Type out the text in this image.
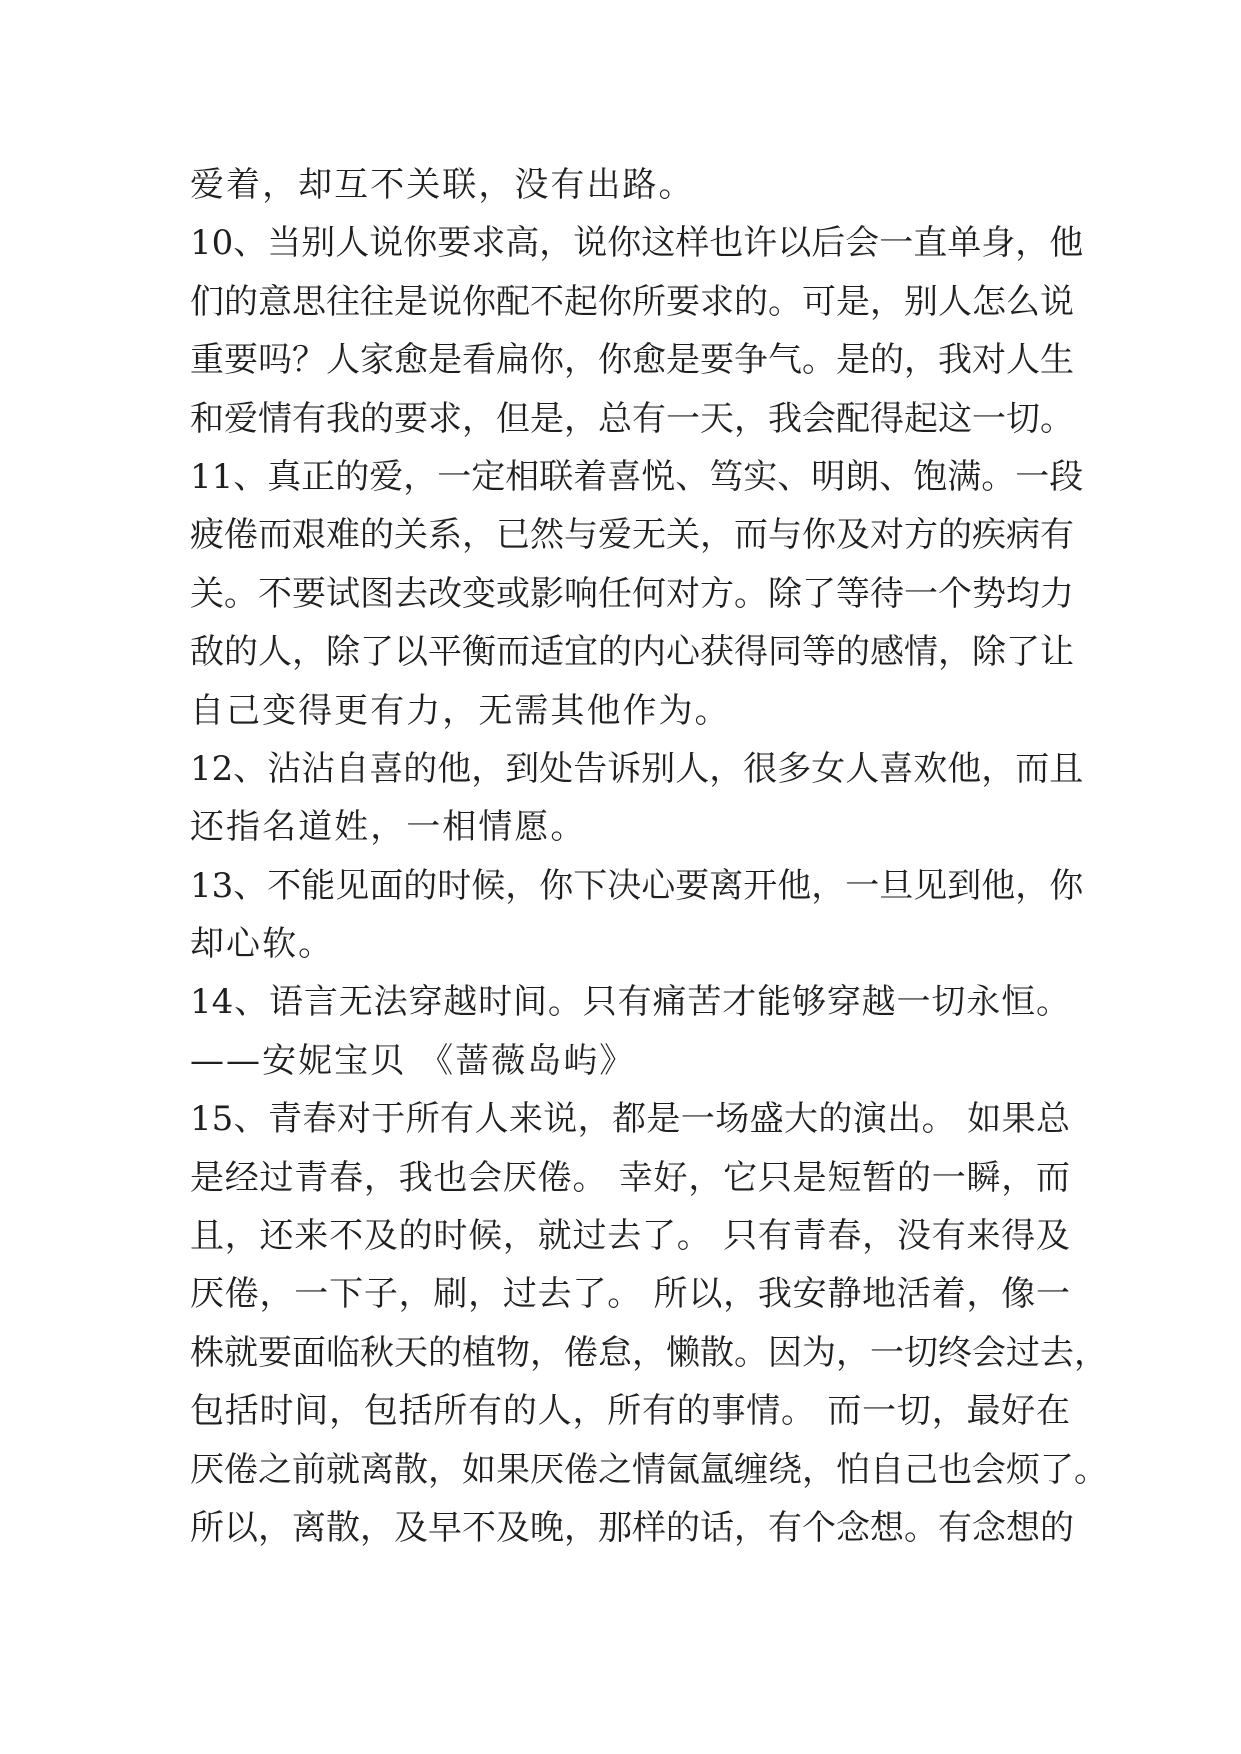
爱着，却互不关联，没有出路。
10、当别人说你要求高，说你这样也许以后会一直单身，他
们的意思往往是说你配不起你所要求的。可是，别人怎么说
重要吗？人家愈是看扁你，你愈是要争气。是的，我对人生
和爱情有我的要求，但是，总有一天，我会配得起这一切。
11、真正的爱，一定相联着喜悦、笃实、明朗、饱满。一段
疲倦而艰难的关系，已然与爱无关，而与你及对方的疾病有
关。不要试图去改变或影响任何对方。除了等待一个势均力
敌的人，除了以平衡而适宜的内心获得同等的感情，除了让
自己变得更有力，无需其他作为。
12、沾沾自喜的他，到处告诉别人，很多女人喜欢他，而且
还指名道姓，一相情愿。
13、不能见面的时候，你下决心要离开他，一旦见到他，你
却心软。
14、语言无法穿越时间。只有痛苦才能够穿越一切永恒。
——安妮宝贝 《蔷薇岛屿》
15、青春对于所有人来说，都是一场盛大的演出。 如果总
是经过青春，我也会厌倦。 幸好，它只是短暂的一瞬，而
且，还来不及的时候，就过去了。 只有青春，没有来得及
厌倦，一下子，刷，过去了。 所以，我安静地活着，像一
株就要面临秋天的植物，倦怠，懒散。因为，一切终会过去，
包括时间，包括所有的人，所有的事情。 而一切，最好在
厌倦之前就离散，如果厌倦之情氤氲缠绕，怕自己也会烦了。
所以，离散，及早不及晚，那样的话，有个念想。有念想的
